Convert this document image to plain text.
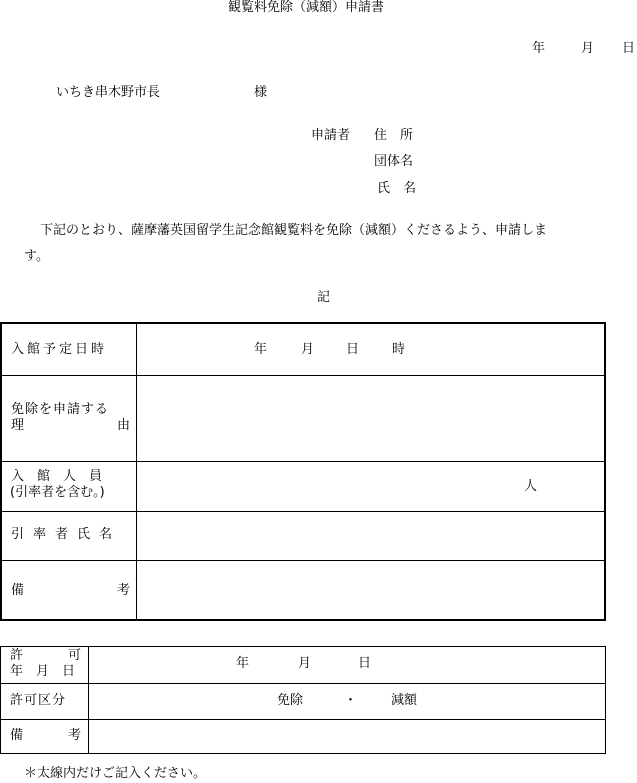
観覧料免除（減額）申請書
年	月 日
いちき串木野市長	様
申請者 住　所
団体名
氏　名
下記のとおり、薩摩藩英国留学生記念館観覧料を免除（減額）くださるよう、申請しま
す。
記
入館予定日時	年	月 日	時
免除を申請する
理	由
入　館　人　員
(引率者を含む。)	人
引率者氏名
備	考
許	可
年　月　日
年	月	日
許可区分	免除	・	減額
備	考
＊太線内だけご記入ください。
